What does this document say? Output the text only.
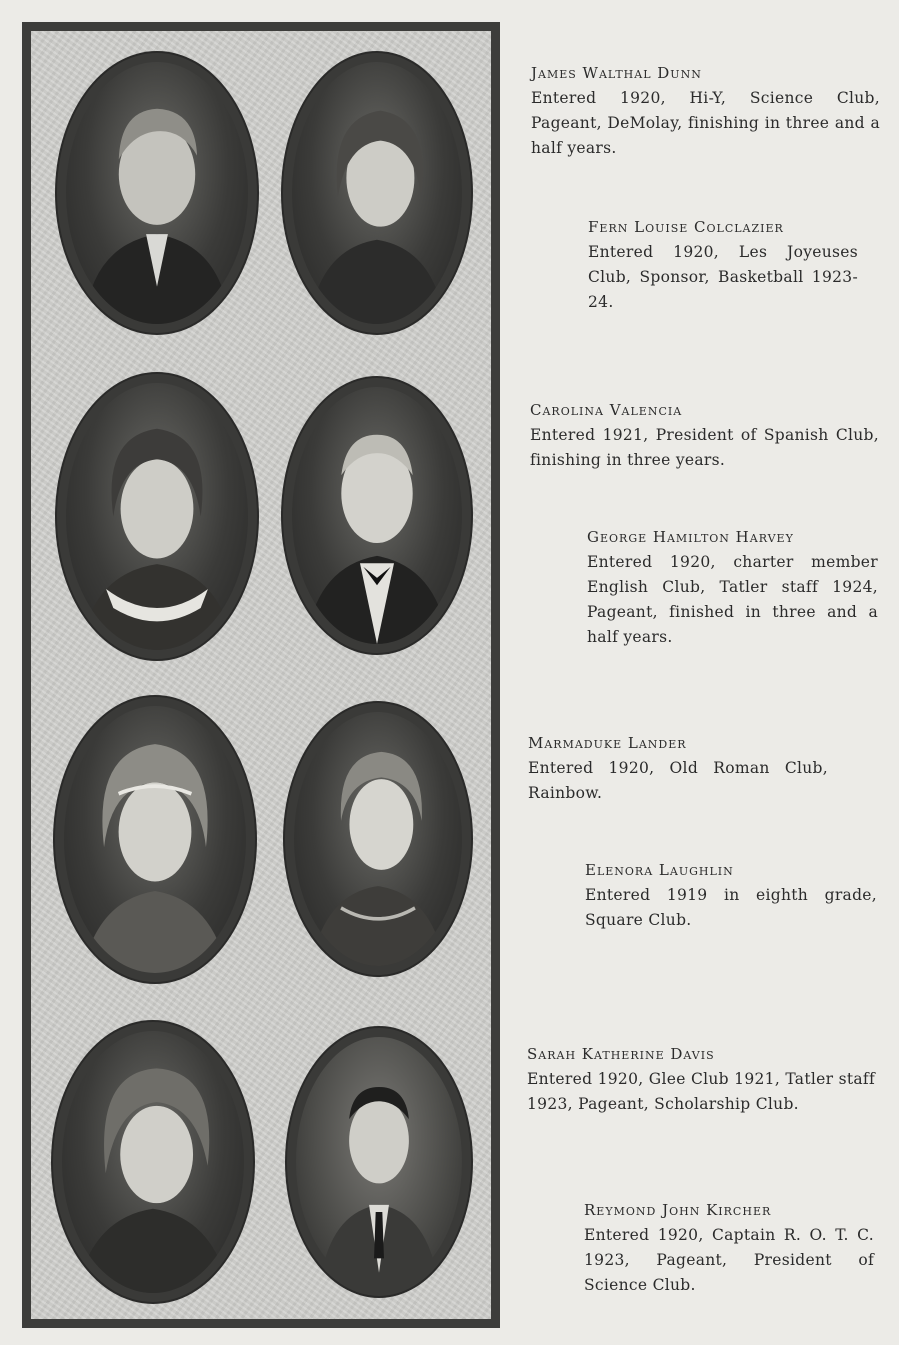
James Walthal Dunn
Entered 1920, Hi-Y, Science Club, Pageant, DeMolay, finishing in three and a half years.
Fern Louise Colclazier
Entered 1920, Les Joyeuses Club, Sponsor, Basketball 1923-24.
Carolina Valencia
Entered 1921, President of Spanish Club, finishing in three years.
George Hamilton Harvey
Entered 1920, charter member English Club, Tatler staff 1924, Pageant, finished in three and a half years.
Marmaduke Lander
Entered 1920, Old Roman Club, Rainbow.
Elenora Laughlin
Entered 1919 in eighth grade, Square Club.
Sarah Katherine Davis
Entered 1920, Glee Club 1921, Tatler staff 1923, Pageant, Scholarship Club.
Reymond John Kircher
Entered 1920, Captain R. O. T. C. 1923, Pageant, President of Science Club.
